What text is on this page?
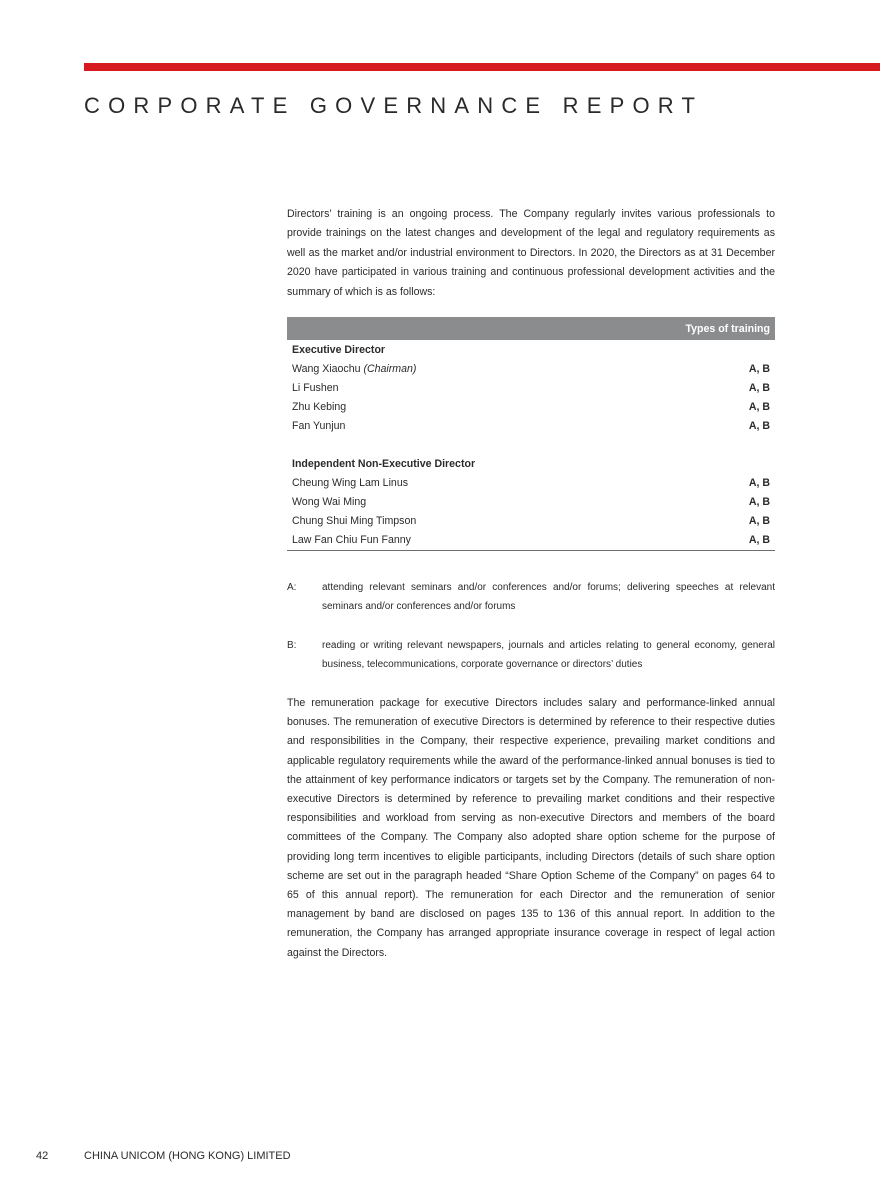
CORPORATE GOVERNANCE REPORT

Directors’ training is an ongoing process. The Company regularly invites various professionals to provide trainings on the latest changes and development of the legal and regulatory requirements as well as the market and/or industrial environment to Directors. In 2020, the Directors as at 31 December 2020 have participated in various training and continuous professional development activities and the summary of which is as follows:

	Types of training
Executive Director	
Wang Xiaochu (Chairman)	A, B
Li Fushen	A, B
Zhu Kebing	A, B
Fan Yunjun	A, B

Independent Non-Executive Director	
Cheung Wing Lam Linus	A, B
Wong Wai Ming	A, B
Chung Shui Ming Timpson	A, B
Law Fan Chiu Fun Fanny	A, B
A:	attending relevant seminars and/or conferences and/or forums; delivering speeches at relevant seminars and/or conferences and/or forums
B:	reading or writing relevant newspapers, journals and articles relating to general economy, general business, telecommunications, corporate governance or directors’ duties

The remuneration package for executive Directors includes salary and performance-linked annual bonuses. The remuneration of executive Directors is determined by reference to their respective duties and responsibilities in the Company, their respective experience, prevailing market conditions and applicable regulatory requirements while the award of the performance-linked annual bonuses is tied to the attainment of key performance indicators or targets set by the Company. The remuneration of non-executive Directors is determined by reference to prevailing market conditions and their respective responsibilities and workload from serving as non-executive Directors and members of the board committees of the Company. The Company also adopted share option scheme for the purpose of providing long term incentives to eligible participants, including Directors (details of such share option scheme are set out in the paragraph headed “Share Option Scheme of the Company” on pages 64 to 65 of this annual report). The remuneration for each Director and the remuneration of senior management by band are disclosed on pages 135 to 136 of this annual report. In addition to the remuneration, the Company has arranged appropriate insurance coverage in respect of legal action against the Directors.

42	CHINA UNICOM (HONG KONG) LIMITED
